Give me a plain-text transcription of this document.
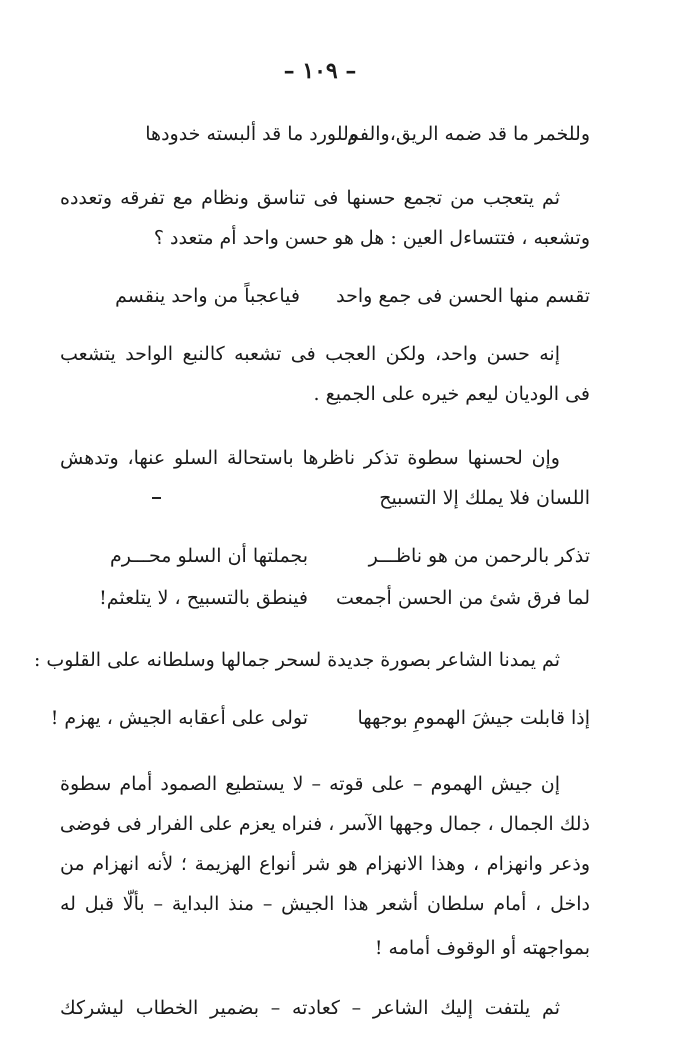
– ١٠٩ –
وللورد ما قد ألبسته خدودها
وللخمر ما قد ضمه الريق،والفم
ثم يتعجب من تجمع حسنها فى تناسق ونظام مع تفرقه وتعدده
وتشعبه ، فتتساءل العين : هل هو حسن واحد أم متعدد ؟
تقسم منها الحسن فى جمع واحد
فياعجباً من واحد ينقسم
إنه حسن واحد، ولكن العجب فى تشعبه كالنبع الواحد يتشعب
فى الوديان ليعم خيره على الجميع .
وإن لحسنها سطوة تذكر ناظرها باستحالة السلو عنها، وتدهش
اللسان فلا يملك إلا التسبيح
تذكر بالرحمن من هو ناظـــر
بجملتها أن السلو محـــرم
لما فرق شئ من الحسن أجمعت
فينطق بالتسبيح ، لا يتلعثم!
ثم يمدنا الشاعر بصورة جديدة لسحر جمالها وسلطانه على القلوب :
إذا قابلت جيشَ الهمومِ بوجهها
تولى على أعقابه الجيش ، يهزم !
إن جيش الهموم – على قوته – لا يستطيع الصمود أمام سطوة
ذلك الجمال ، جمال وجهها الآسر ، فنراه يعزم على الفرار فى فوضى
وذعر وانهزام ، وهذا الانهزام هو شر أنواع الهزيمة ؛ لأنه انهزام من
داخل ، أمام سلطان أشعر هذا الجيش – منذ البداية – بألّا قبل له
بمواجهته أو الوقوف أمامه !
ثم يلتفت إليك الشاعر – كعادته – بضمير الخطاب ليشركك
